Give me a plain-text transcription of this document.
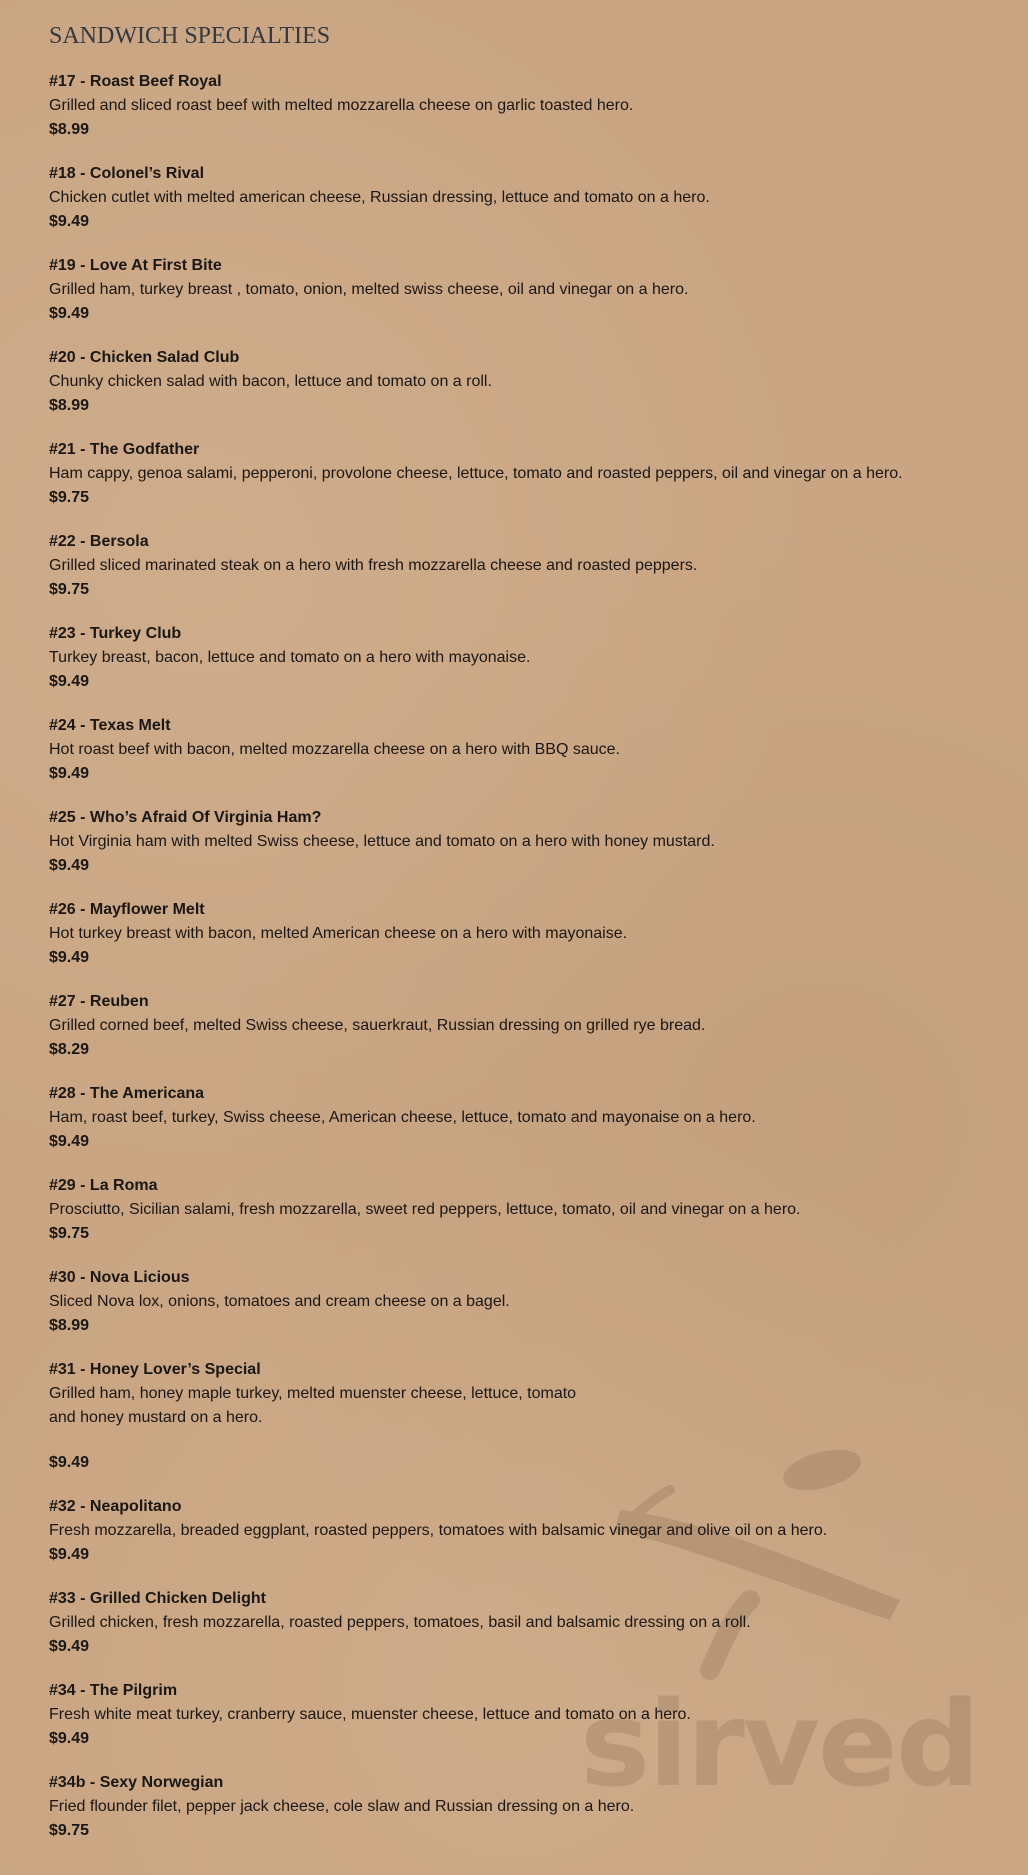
sirved
SANDWICH SPECIALTIES
#17 - Roast Beef Royal
Grilled and sliced roast beef with melted mozzarella cheese on garlic toasted hero.
$8.99
#18 - Colonel’s Rival
Chicken cutlet with melted american cheese, Russian dressing, lettuce and tomato on a hero.
$9.49
#19 - Love At First Bite
Grilled ham, turkey breast , tomato, onion, melted swiss cheese, oil and vinegar on a hero.
$9.49
#20 - Chicken Salad Club
Chunky chicken salad with bacon, lettuce and tomato on a roll.
$8.99
#21 - The Godfather
Ham cappy, genoa salami, pepperoni, provolone cheese, lettuce, tomato and roasted peppers, oil and vinegar on a hero.
$9.75
#22 - Bersola
Grilled sliced marinated steak on a hero with fresh mozzarella cheese and roasted peppers.
$9.75
#23 - Turkey Club
Turkey breast, bacon, lettuce and tomato on a hero with mayonaise.
$9.49
#24 - Texas Melt
Hot roast beef with bacon, melted mozzarella cheese on a hero with BBQ sauce.
$9.49
#25 - Who’s Afraid Of Virginia Ham?
Hot Virginia ham with melted Swiss cheese, lettuce and tomato on a hero with honey mustard.
$9.49
#26 - Mayflower Melt
Hot turkey breast with bacon, melted American cheese on a hero with mayonaise.
$9.49
#27 - Reuben
Grilled corned beef, melted Swiss cheese, sauerkraut, Russian dressing on grilled rye bread.
$8.29
#28 - The Americana
Ham, roast beef, turkey, Swiss cheese, American cheese, lettuce, tomato and mayonaise on a hero.
$9.49
#29 - La Roma
Prosciutto, Sicilian salami, fresh mozzarella, sweet red peppers, lettuce, tomato, oil and vinegar on a hero.
$9.75
#30 - Nova Licious
Sliced Nova lox, onions, tomatoes and cream cheese on a bagel.
$8.99
#31 - Honey Lover’s Special
Grilled ham, honey maple turkey, melted muenster cheese, lettuce, tomato
and honey mustard on a hero.
$9.49
#32 - Neapolitano
Fresh mozzarella, breaded eggplant, roasted peppers, tomatoes with balsamic vinegar and olive oil on a hero.
$9.49
#33 - Grilled Chicken Delight
Grilled chicken, fresh mozzarella, roasted peppers, tomatoes, basil and balsamic dressing on a roll.
$9.49
#34 - The Pilgrim
Fresh white meat turkey, cranberry sauce, muenster cheese, lettuce and tomato on a hero.
$9.49
#34b - Sexy Norwegian
Fried flounder filet, pepper jack cheese, cole slaw and Russian dressing on a hero.
$9.75
